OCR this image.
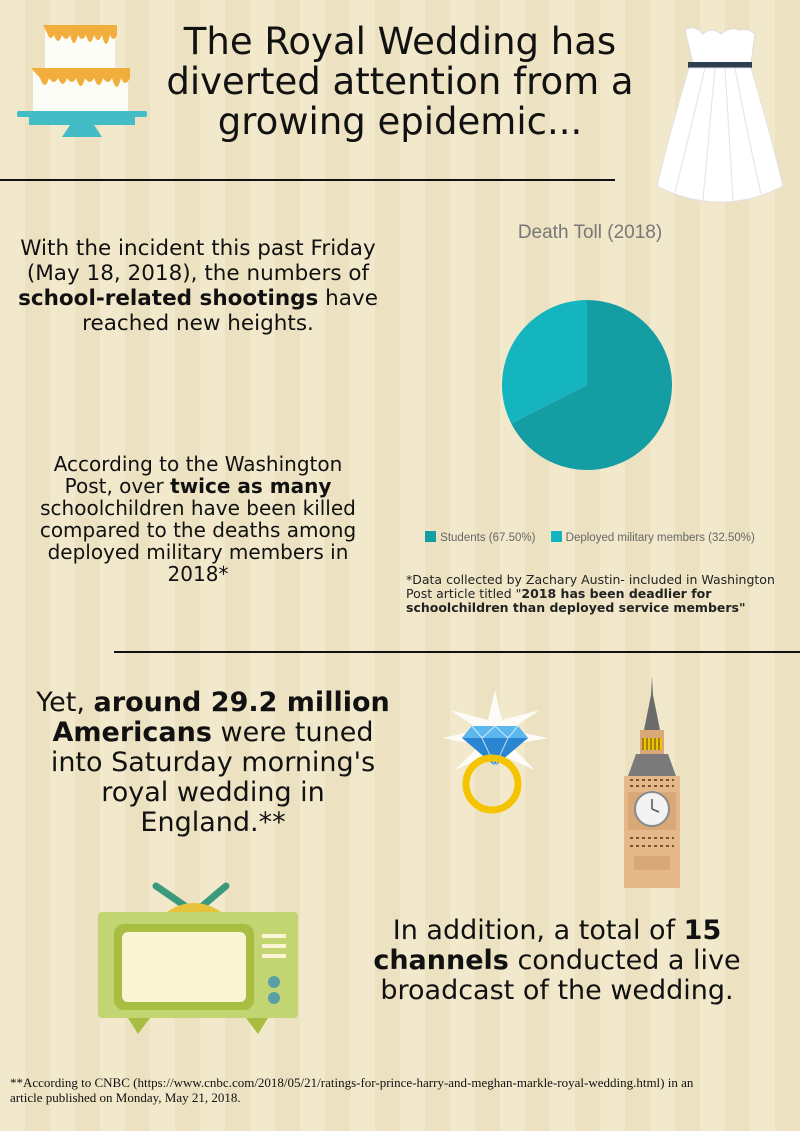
The Royal Wedding has diverted attention from a growing epidemic...
With the incident this past Friday (May 18, 2018), the numbers of school-related shootings have reached new heights.
According to the Washington Post, over twice as many schoolchildren have been killed compared to the deaths among deployed military members in 2018*
Death Toll (2018)
Students (67.50%)	Deployed military members (32.50%)
*Data collected by Zachary Austin- included in Washington Post article titled "2018 has been deadlier for schoolchildren than deployed service members"
Yet, around 29.2 million Americans were tuned into Saturday morning's royal wedding in England.**
In addition, a total of 15 channels conducted a live broadcast of the wedding.
**According to CNBC (https://www.cnbc.com/2018/05/21/ratings-for-prince-harry-and-meghan-markle-royal-wedding.html) in an article published on Monday, May 21, 2018.
